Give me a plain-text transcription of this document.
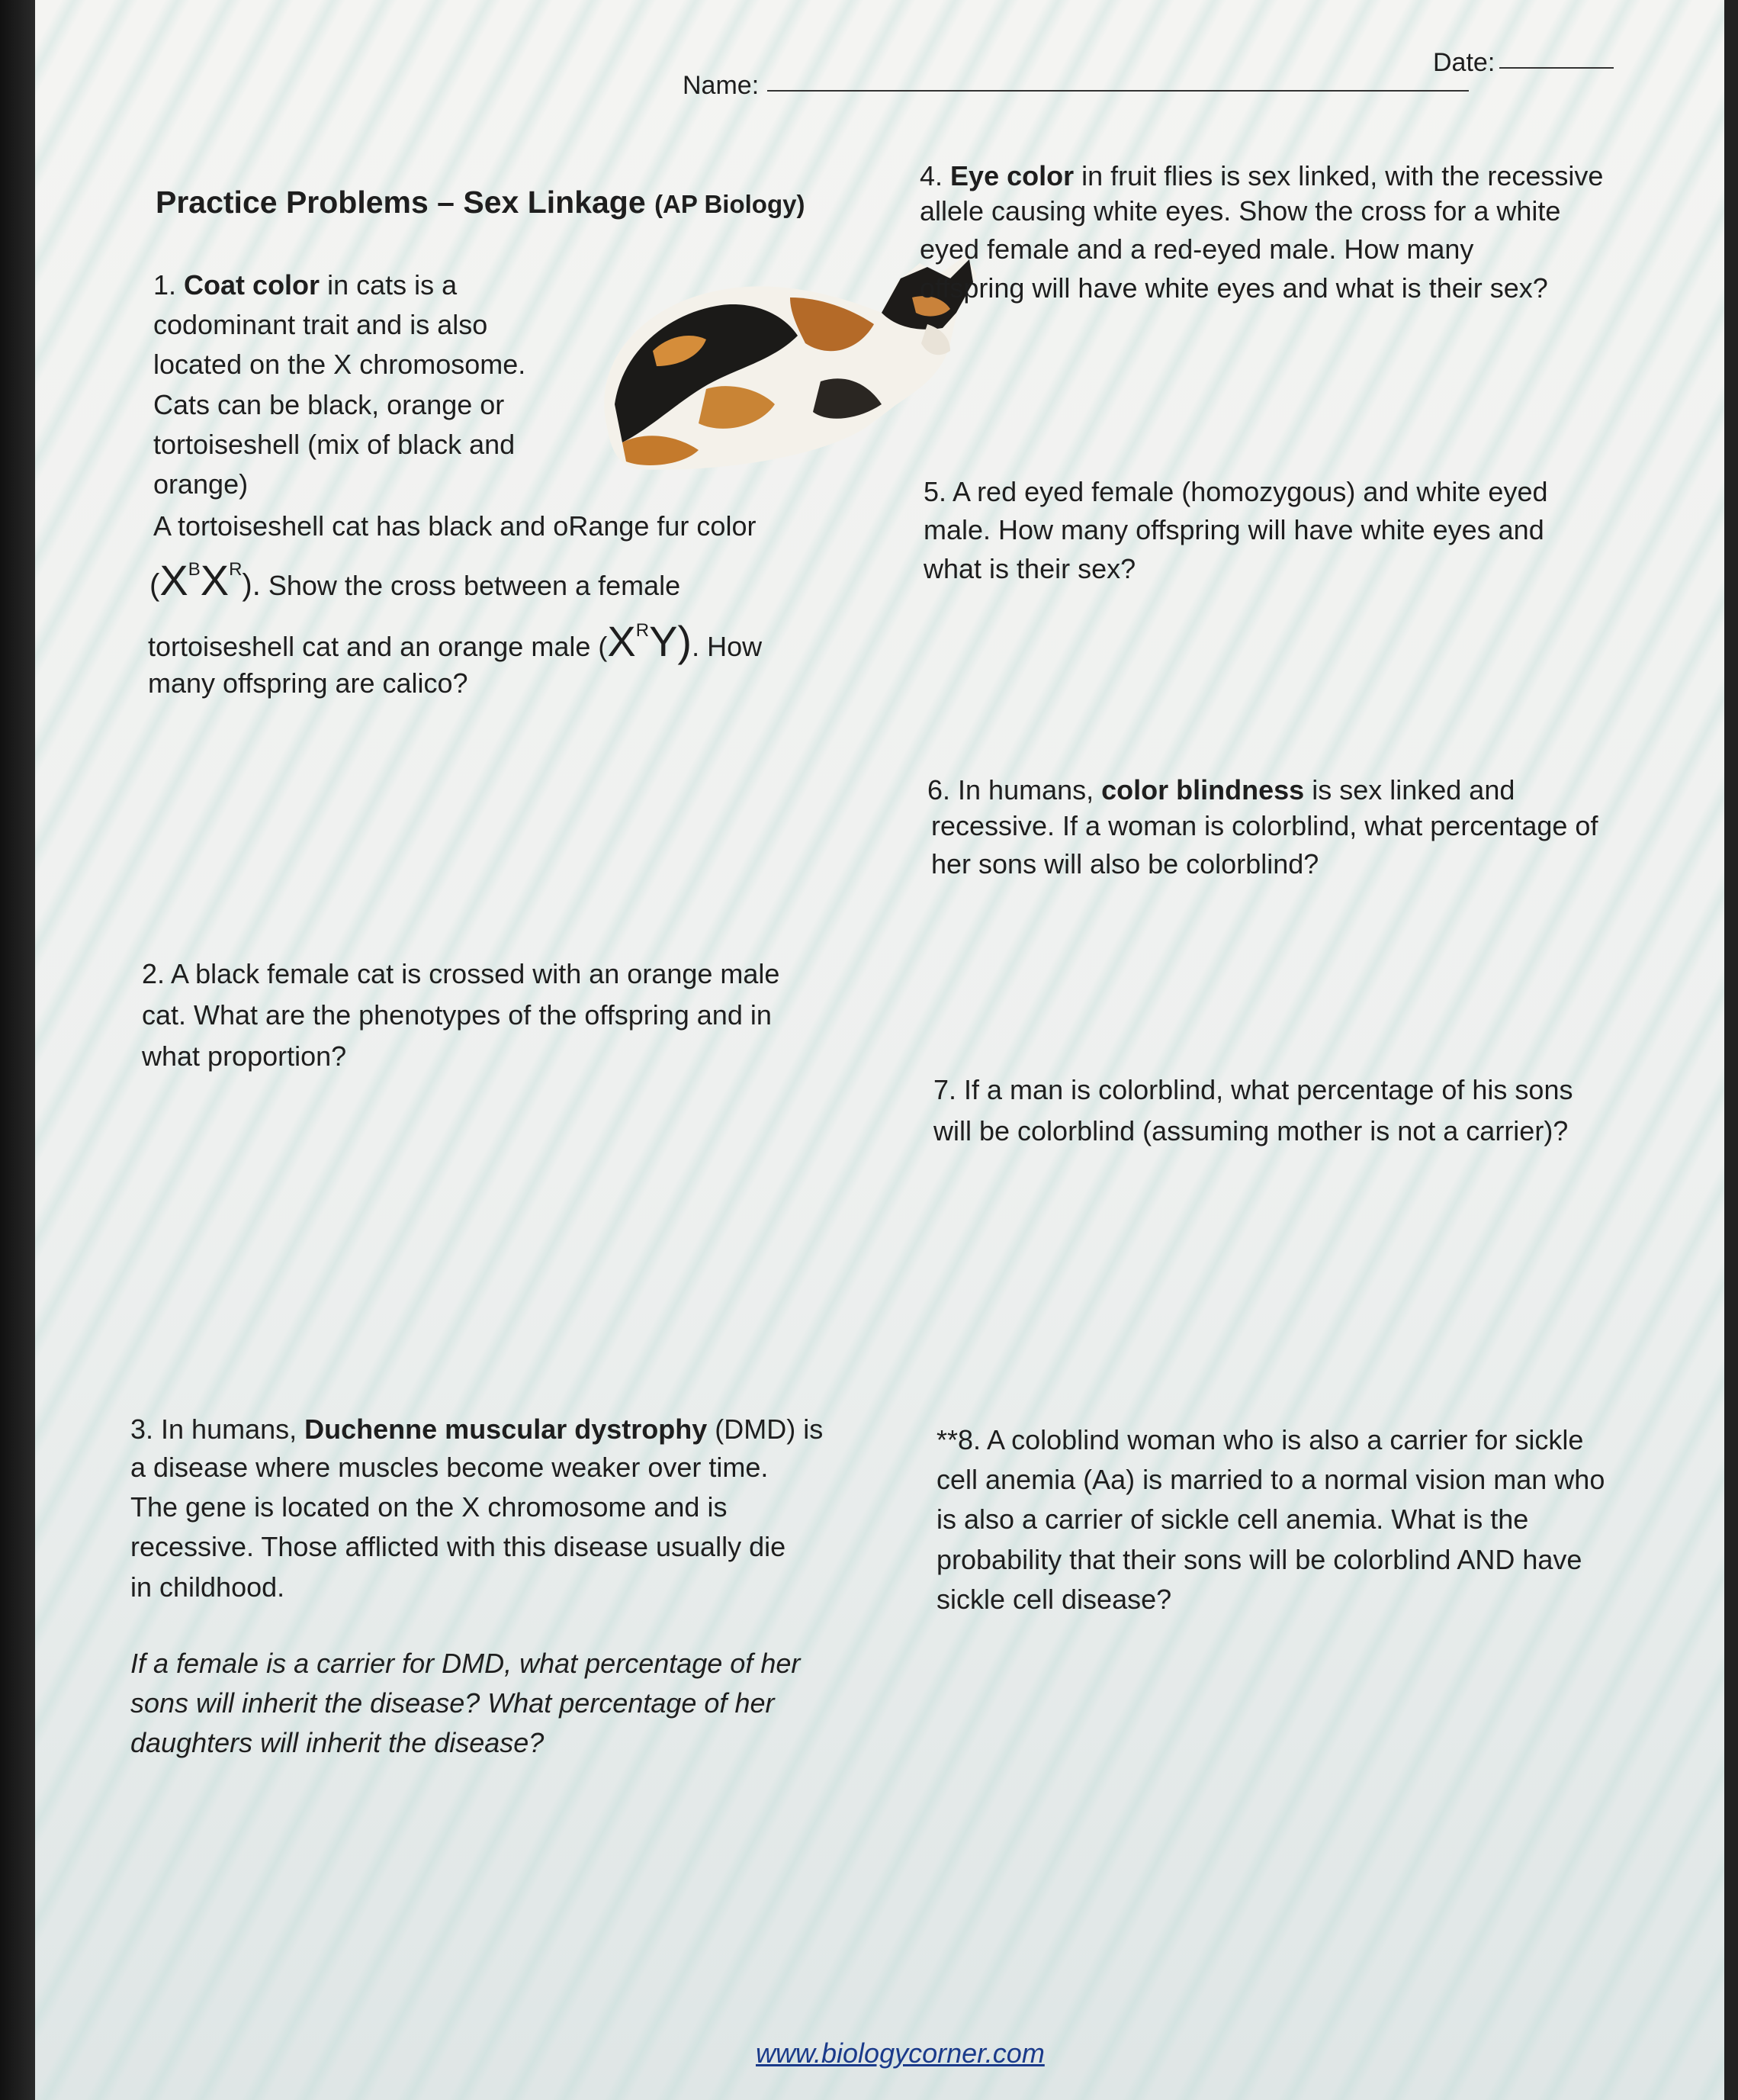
Name:
Date:
Practice Problems – Sex Linkage (AP Biology)
1. Coat color in cats is a
codominant trait and is also
located on the X chromosome.
Cats can be black, orange or
tortoiseshell (mix of black and
orange)
A tortoiseshell cat has black and oRange fur color
$(X^BX^R)$. Show the cross between a female
tortoiseshell cat and an orange male $(X^RY)$. How
many offspring are calico?
2. A black female cat is crossed with an orange male
cat. What are the phenotypes of the offspring and in
what proportion?
3. In humans, Duchenne muscular dystrophy (DMD) is
a disease where muscles become weaker over time.
The gene is located on the X chromosome and is
recessive. Those afflicted with this disease usually die
in childhood.
If a female is a carrier for DMD, what percentage of her
sons will inherit the disease? What percentage of her
daughters will inherit the disease?
4. Eye color in fruit flies is sex linked, with the recessive
allele causing white eyes. Show the cross for a white
eyed female and a red-eyed male. How many
offspring will have white eyes and what is their sex?
5. A red eyed female (homozygous) and white eyed
male. How many offspring will have white eyes and
what is their sex?
6. In humans, color blindness is sex linked and
recessive. If a woman is colorblind, what percentage of
her sons will also be colorblind?
7. If a man is colorblind, what percentage of his sons
will be colorblind (assuming mother is not a carrier)?
**8. A coloblind woman who is also a carrier for sickle
cell anemia (Aa) is married to a normal vision man who
is also a carrier of sickle cell anemia. What is the
probability that their sons will be colorblind AND have
sickle cell disease?
www.biologycorner.com
